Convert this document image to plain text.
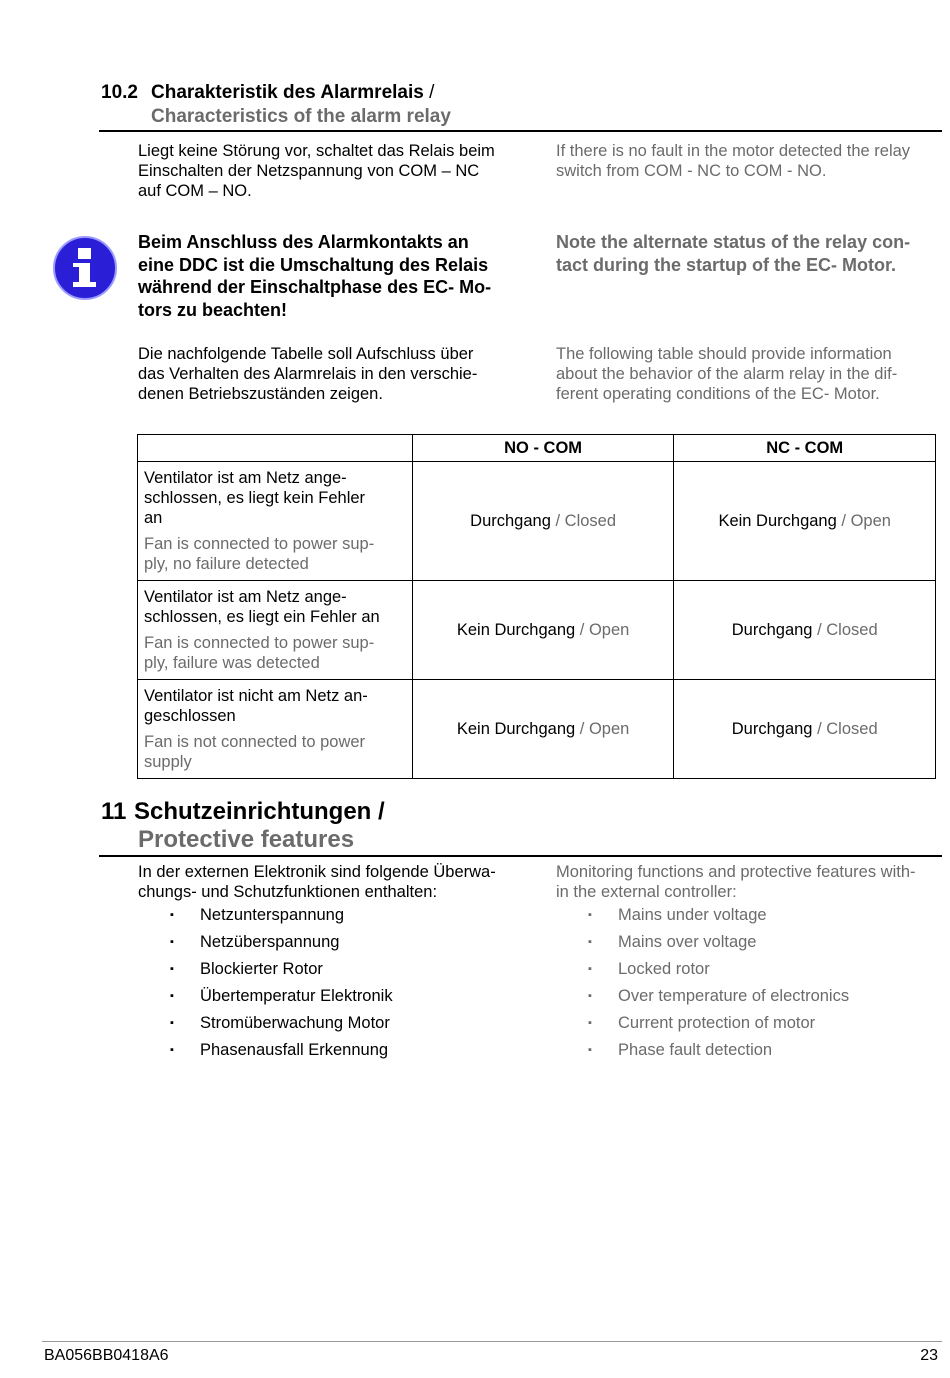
10.2 Charakteristik des Alarmrelais /
Characteristics of the alarm relay
Liegt keine Störung vor, schaltet das Relais beim
Einschalten der Netzspannung von COM – NC
auf COM – NO.
If there is no fault in the motor detected the relay
switch from COM - NC to COM - NO.
Beim Anschluss des Alarmkontakts an
eine DDC ist die Umschaltung des Relais
während der Einschaltphase des EC- Mo-
tors zu beachten!
Note the alternate status of the relay con-
tact during the startup of the EC- Motor.
Die nachfolgende Tabelle soll Aufschluss über
das Verhalten des Alarmrelais in den verschie-
denen Betriebszuständen zeigen.
The following table should provide information
about the behavior of the alarm relay in the dif-
ferent operating conditions of the EC- Motor.
	NO - COM	NC - COM

Ventilator ist am Netz ange-
schlossen, es liegt kein Fehler
an
Fan is connected to power sup-
ply, no failure detected	Durchgang / Closed	Kein Durchgang / Open

Ventilator ist am Netz ange-
schlossen, es liegt ein Fehler an
Fan is connected to power sup-
ply, failure was detected	Kein Durchgang / Open	Durchgang / Closed

Ventilator ist nicht am Netz an-
geschlossen
Fan is not connected to power
supply	Kein Durchgang / Open	Durchgang / Closed
11 Schutzeinrichtungen /
Protective features
In der externen Elektronik sind folgende Überwa-
chungs- und Schutzfunktionen enthalten:
Monitoring functions and protective features with-
in the external controller:
▪ Netzunterspannung
▪ Netzüberspannung
▪ Blockierter Rotor
▪ Übertemperatur Elektronik
▪ Stromüberwachung Motor
▪ Phasenausfall Erkennung
▪ Mains under voltage
▪ Mains over voltage
▪ Locked rotor
▪ Over temperature of electronics
▪ Current protection of motor
▪ Phase fault detection
BA056BB0418A6	23
